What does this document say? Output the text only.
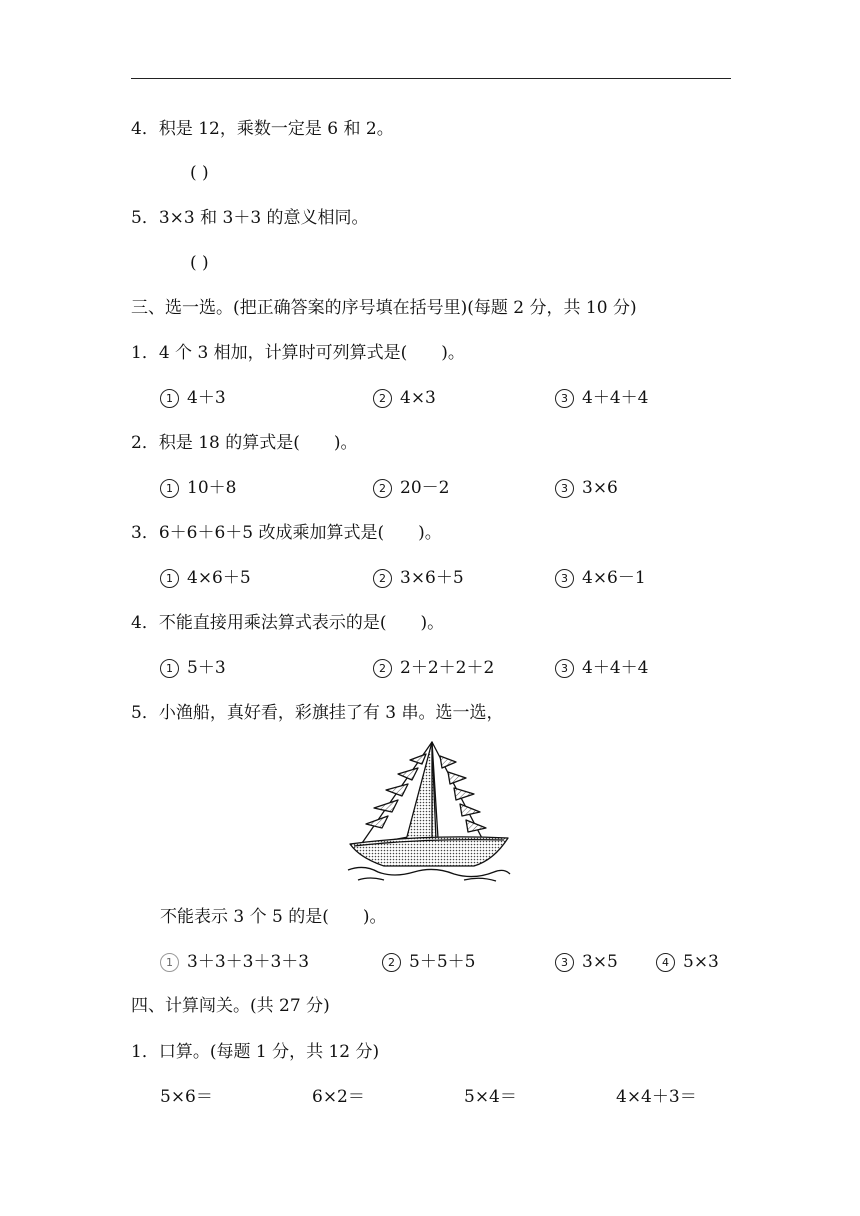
4．积是 12，乘数一定是 6 和 2。
( )
5．3×3 和 3＋3 的意义相同。
( )
三、选一选。(把正确答案的序号填在括号里)(每题 2 分，共 10 分)
1．4 个 3 相加，计算时可列算式是(　　)。
1 4＋3	2 4×3	3 4＋4＋4
2．积是 18 的算式是(　　)。
1 10＋8	2 20－2	3 3×6
3．6＋6＋6＋5 改成乘加算式是(　　)。
1 4×6＋5	2 3×6＋5	3 4×6－1
4．不能直接用乘法算式表示的是(　　)。
1 5＋3	2 2＋2＋2＋2	3 4＋4＋4
5．小渔船，真好看，彩旗挂了有 3 串。选一选，
不能表示 3 个 5 的是(　　)。
1 3＋3＋3＋3＋3	2 5＋5＋5	3 3×5	4 5×3
四、计算闯关。(共 27 分)
1．口算。(每题 1 分，共 12 分)
5×6＝	6×2＝	5×4＝	4×4＋3＝
